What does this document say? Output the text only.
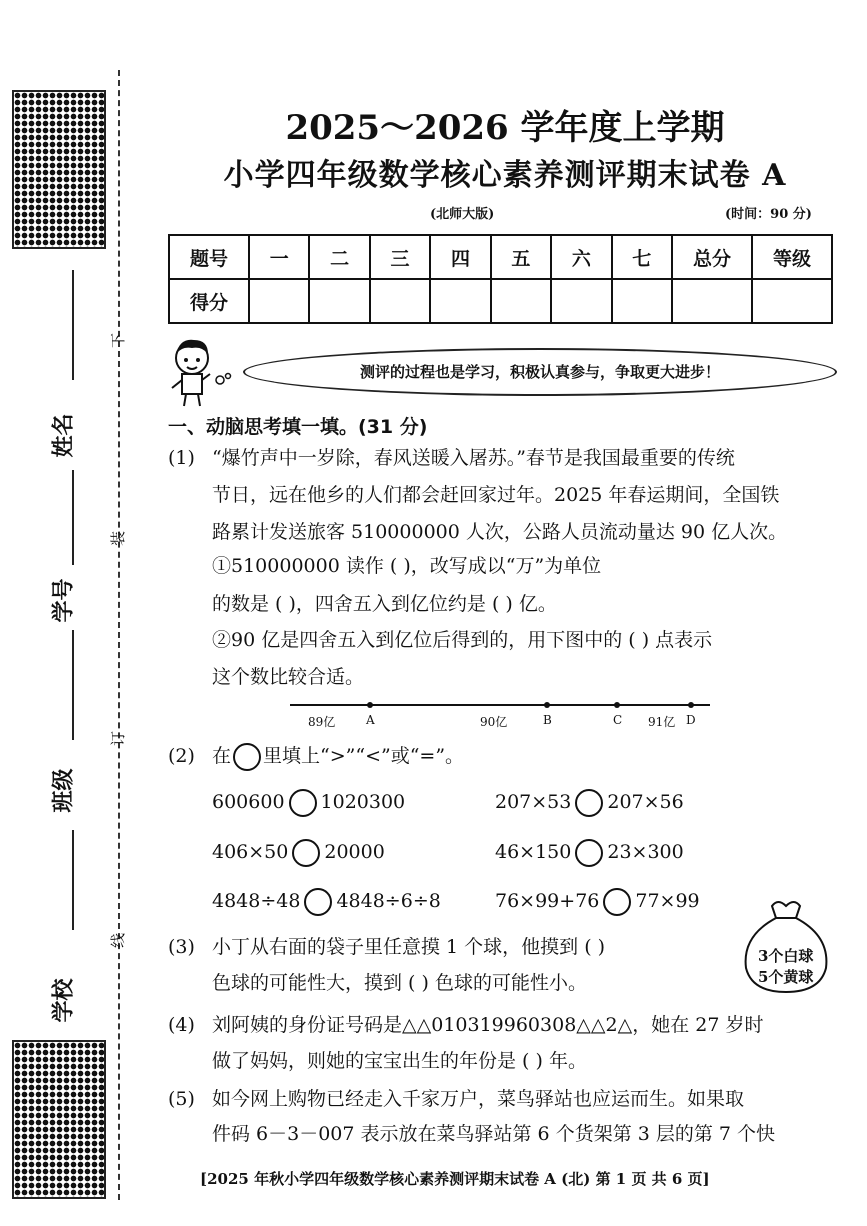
姓名
学号
班级
学校
下
装
订
线
2025～2026 学年度上学期
小学四年级数学核心素养测评期末试卷 A
(北师大版)	(时间：90 分)
题号	一	二	三	四	五	六	七	总分	等级
得分									
测评的过程也是学习，积极认真参与，争取更大进步！
一、动脑思考填一填。(31 分)
(1) “爆竹声中一岁除，春风送暖入屠苏。”春节是我国最重要的传统
节日，远在他乡的人们都会赶回家过年。2025 年春运期间，全国铁
路累计发送旅客 510000000 人次，公路人员流动量达 90 亿人次。
①510000000 读作 ( )，改写成以“万”为单位
的数是 ( )，四舍五入到亿位约是 ( ) 亿。
②90 亿是四舍五入到亿位后得到的，用下图中的 ( ) 点表示
这个数比较合适。
89亿	A	90亿	B	C 91亿 D
(2) 在 里填上“>”“<”或“=”。
600600 1020300	207×53 207×56
406×50 20000	46×150 23×300
4848÷48 4848÷6÷8	76×99+76 77×99
3个白球
5个黄球
(3) 小丁从右面的袋子里任意摸 1 个球，他摸到 ( )
色球的可能性大，摸到 ( ) 色球的可能性小。
(4) 刘阿姨的身份证号码是△△010319960308△△2△，她在 27 岁时
做了妈妈，则她的宝宝出生的年份是 ( ) 年。
(5) 如今网上购物已经走入千家万户，菜鸟驿站也应运而生。如果取
件码 6－3－007 表示放在菜鸟驿站第 6 个货架第 3 层的第 7 个快
[2025 年秋小学四年级数学核心素养测评期末试卷 A (北) 第 1 页 共 6 页]
